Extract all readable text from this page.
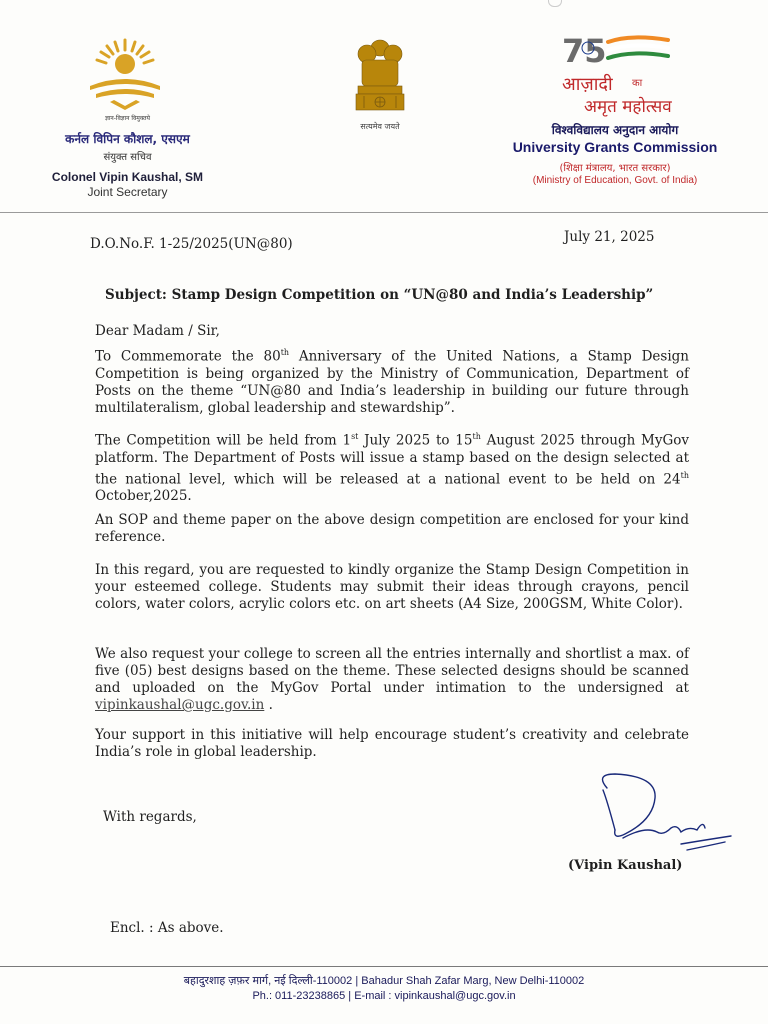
ज्ञान-विज्ञान विमुक्तये
कर्नल विपिन कौशल, एसएम
संयुक्त सचिव
Colonel Vipin Kaushal, SM
Joint Secretary
सत्यमेव जयते
75
आज़ादी का
अमृत महोत्सव
विश्वविद्यालय अनुदान आयोग
University Grants Commission
(शिक्षा मंत्रालय, भारत सरकार)
(Ministry of Education, Govt. of India)
D.O.No.F. 1-25/2025(UN@80)	July 21, 2025
Subject: Stamp Design Competition on “UN@80 and India’s Leadership”
Dear Madam / Sir,
To Commemorate the 80th Anniversary of the United Nations, a Stamp Design Competition is being organized by the Ministry of Communication, Department of Posts on the theme “UN@80 and India’s leadership in building our future through multilateralism, global leadership and stewardship”.
The Competition will be held from 1st July 2025 to 15th August 2025 through MyGov platform. The Department of Posts will issue a stamp based on the design selected at the national level, which will be released at a national event to be held on 24th October,2025.
An SOP and theme paper on the above design competition are enclosed for your kind reference.
In this regard, you are requested to kindly organize the Stamp Design Competition in your esteemed college. Students may submit their ideas through crayons, pencil colors, water colors, acrylic colors etc. on art sheets (A4 Size, 200GSM, White Color).
We also request your college to screen all the entries internally and shortlist a max. of five (05) best designs based on the theme. These selected designs should be scanned and uploaded on the MyGov Portal under intimation to the undersigned at vipinkaushal@ugc.gov.in .
Your support in this initiative will help encourage student’s creativity and celebrate India’s role in global leadership.
With regards,
(Vipin Kaushal)
Encl. : As above.
बहादुरशाह ज़फ़र मार्ग, नई दिल्ली-110002 | Bahadur Shah Zafar Marg, New Delhi-110002
Ph.: 011-23238865 | E-mail : vipinkaushal@ugc.gov.in
